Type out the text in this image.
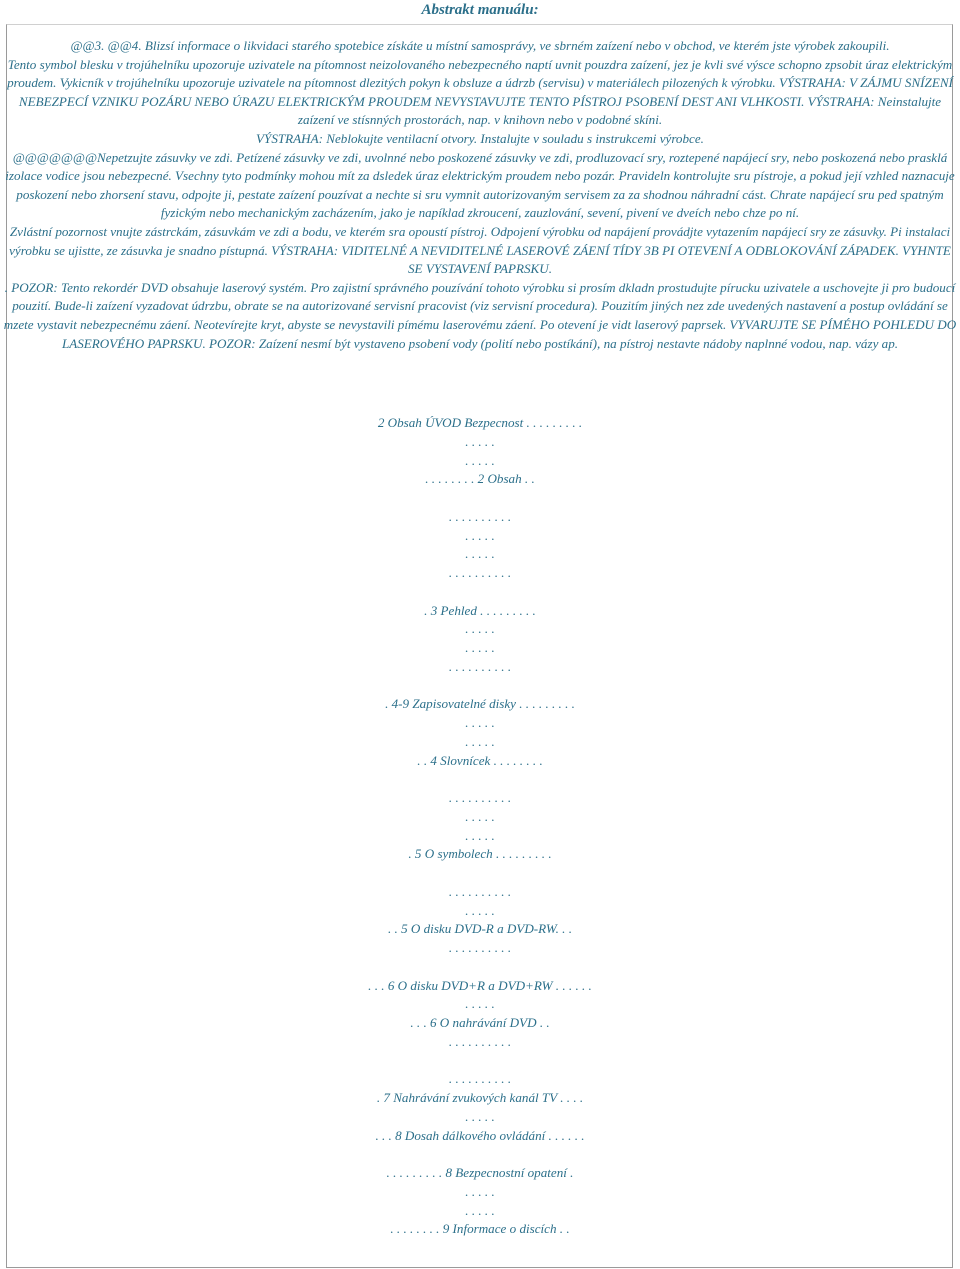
Abstrakt manuálu:

@@3. @@4. Blizsí informace o likvidaci starého spotebice získáte u místní samosprávy, ve sbrném zaízení nebo v obchod, ve kterém jste výrobek zakoupili.

Tento symbol blesku v trojúhelníku upozoruje uzivatele na pítomnost neizolovaného nebezpecného naptí uvnit pouzdra zaízení, jez je kvli své výsce schopno zpsobit úraz elektrickým proudem. Vykicník v trojúhelníku upozoruje uzivatele na pítomnost dlezitých pokyn k obsluze a údrzb (servisu) v materiálech pilozených k výrobku. VÝSTRAHA: V ZÁJMU SNÍZENÍ NEBEZPECÍ VZNIKU POZÁRU NEBO ÚRAZU ELEKTRICKÝM PROUDEM NEVYSTAVUJTE TENTO PÍSTROJ PSOBENÍ DEST ANI VLHKOSTI. VÝSTRAHA: Neinstalujte zaízení ve stísnných prostorách, nap. v knihovn nebo v podobné skíni.

VÝSTRAHA: Neblokujte ventilacní otvory. Instalujte v souladu s instrukcemi výrobce.

@@@@@@@Nepetzujte zásuvky ve zdi. Petízené zásuvky ve zdi, uvolnné nebo poskozené zásuvky ve zdi, prodluzovací sry, roztepené napájecí sry, nebo poskozená nebo prasklá izolace vodice jsou nebezpecné. Vsechny tyto podmínky mohou mít za dsledek úraz elektrickým proudem nebo pozár. Pravideln kontrolujte sru pístroje, a pokud její vzhled naznacuje poskození nebo zhorsení stavu, odpojte ji, pestate zaízení pouzívat a nechte si sru vymnit autorizovaným servisem za za shodnou náhradní cást. Chrate napájecí sru ped spatným fyzickým nebo mechanickým zacházením, jako je napíklad zkroucení, zauzlování, sevení, pivení ve dveích nebo chze po ní.

Zvlástní pozornost vnujte zástrckám, zásuvkám ve zdi a bodu, ve kterém sra opoustí pístroj. Odpojení výrobku od napájení provádjte vytazením napájecí sry ze zásuvky. Pi instalaci výrobku se ujistte, ze zásuvka je snadno pístupná. VÝSTRAHA: VIDITELNÉ A NEVIDITELNÉ LASEROVÉ ZÁENÍ TÍDY 3B PI OTEVENÍ A ODBLOKOVÁNÍ ZÁPADEK. VYHNTE SE VYSTAVENÍ PAPRSKU.

. POZOR: Tento rekordér DVD obsahuje laserový systém. Pro zajistní správného pouzívání tohoto výrobku si prosím dkladn prostudujte pírucku uzivatele a uschovejte ji pro budoucí pouzití. Bude-li zaízení vyzadovat údrzbu, obrate se na autorizované servisní pracovist (viz servisní procedura). Pouzitím jiných nez zde uvedených nastavení a postup ovládání se mzete vystavit nebezpecnému záení. Neotevírejte kryt, abyste se nevystavili pímému laserovému záení. Po otevení je vidt laserový paprsek. VYVARUJTE SE PÍMÉHO POHLEDU DO LASEROVÉHO PAPRSKU. POZOR: Zaízení nesmí být vystaveno psobení vody (polití nebo postíkání), na pístroj nestavte nádoby naplnné vodou, nap. vázy ap.

2 Obsah ÚVOD Bezpecnost . . . . . . . . .
. . . . .
. . . . .
. . . . . . . . 2 Obsah . .
. . . . . . . . . .
. . . . .
. . . . .
. . . . . . . . . .
. 3 Pehled . . . . . . . . .
. . . . .
. . . . .
. . . . . . . . . .
. 4-9 Zapisovatelné disky . . . . . . . . .
. . . . .
. . . . .
. . 4 Slovnícek . . . . . . . .
. . . . . . . . . .
. . . . .
. . . . .
. 5 O symbolech . . . . . . . . .
. . . . . . . . . .
. . . . .
. . 5 O disku DVD-R a DVD-RW. . .
. . . . . . . . . .
. . . 6 O disku DVD+R a DVD+RW . . . . . .
. . . . .
. . . 6 O nahrávání DVD . .
. . . . . . . . . .
. . . . . . . . . .
. 7 Nahrávání zvukových kanál TV . . . .
. . . . .
. . . 8 Dosah dálkového ovládání . . . . . .
. . . . . . . . . 8 Bezpecnostní opatení .
. . . . .
. . . . .
. . . . . . . . 9 Informace o discích . .
